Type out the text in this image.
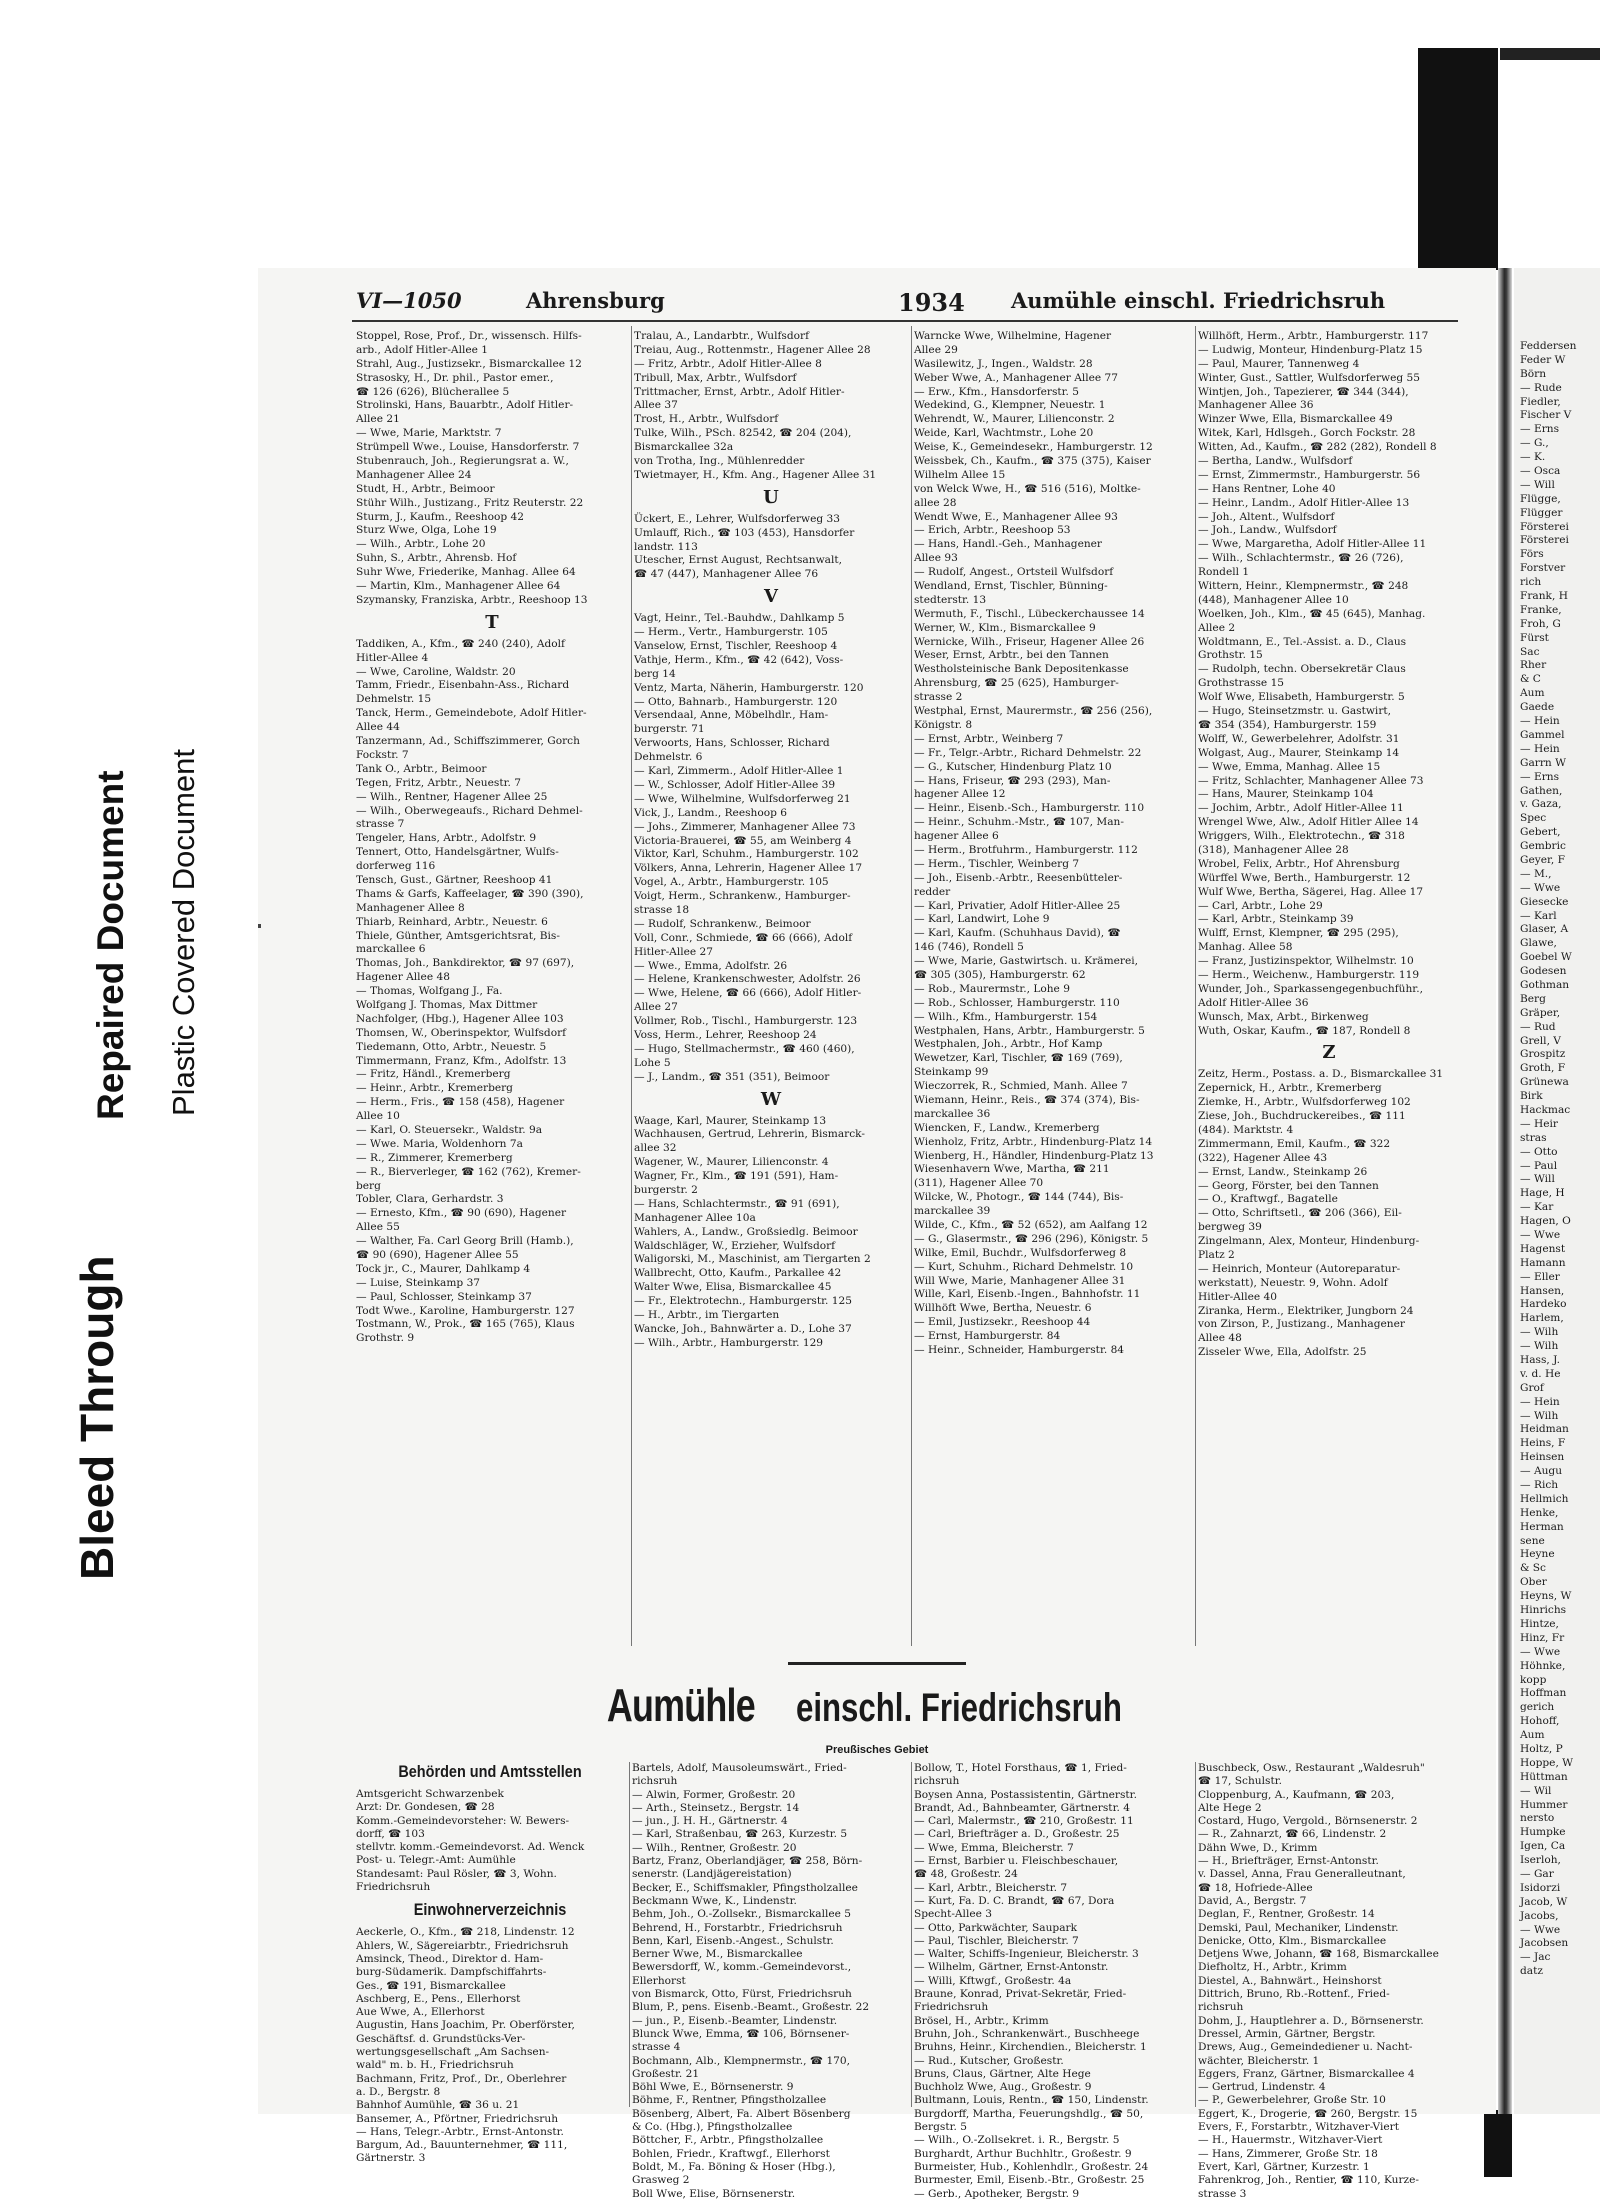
Bleed Through
Repaired Document Plastic Covered Document
VI—1050	Ahrensburg	1934 Aumühle einschl. Friedrichsruh
Stoppel, Rose, Prof., Dr., wissensch. Hilfs-
arb., Adolf Hitler-Allee 1
Strahl, Aug., Justizsekr., Bismarckallee 12
Strasosky, H., Dr. phil., Pastor emer.,
☎ 126 (626), Blücherallee 5
Strolinski, Hans, Bauarbtr., Adolf Hitler-
Allee 21
— Wwe, Marie, Marktstr. 7
Strümpell Wwe., Louise, Hansdorferstr. 7
Stubenrauch, Joh., Regierungsrat a. W.,
Manhagener Allee 24
Studt, H., Arbtr., Beimoor
Stühr Wilh., Justizang., Fritz Reuterstr. 22
Sturm, J., Kaufm., Reeshoop 42
Sturz Wwe, Olga, Lohe 19
— Wilh., Arbtr., Lohe 20
Suhn, S., Arbtr., Ahrensb. Hof
Suhr Wwe, Friederike, Manhag. Allee 64
— Martin, Klm., Manhagener Allee 64
Szymansky, Franziska, Arbtr., Reeshoop 13
T
Taddiken, A., Kfm., ☎ 240 (240), Adolf
Hitler-Allee 4
— Wwe, Caroline, Waldstr. 20
Tamm, Friedr., Eisenbahn-Ass., Richard
Dehmelstr. 15
Tanck, Herm., Gemeindebote, Adolf Hitler-
Allee 44
Tanzermann, Ad., Schiffszimmerer, Gorch
Fockstr. 7
Tank O., Arbtr., Beimoor
Tegen, Fritz, Arbtr., Neuestr. 7
— Wilh., Rentner, Hagener Allee 25
— Wilh., Oberwegeaufs., Richard Dehmel-
strasse 7
Tengeler, Hans, Arbtr., Adolfstr. 9
Tennert, Otto, Handelsgärtner, Wulfs-
dorferweg 116
Tensch, Gust., Gärtner, Reeshoop 41
Thams & Garfs, Kaffeelager, ☎ 390 (390),
Manhagener Allee 8
Thiarb, Reinhard, Arbtr., Neuestr. 6
Thiele, Günther, Amtsgerichtsrat, Bis-
marckallee 6
Thomas, Joh., Bankdirektor, ☎ 97 (697),
Hagener Allee 48
— Thomas, Wolfgang J., Fa.
Wolfgang J. Thomas, Max Dittmer
Nachfolger, (Hbg.), Hagener Allee 103
Thomsen, W., Oberinspektor, Wulfsdorf
Tiedemann, Otto, Arbtr., Neuestr. 5
Timmermann, Franz, Kfm., Adolfstr. 13
— Fritz, Händl., Kremerberg
— Heinr., Arbtr., Kremerberg
— Herm., Fris., ☎ 158 (458), Hagener
Allee 10
— Karl, O. Steuersekr., Waldstr. 9a
— Wwe. Maria, Woldenhorn 7a
— R., Zimmerer, Kremerberg
— R., Bierverleger, ☎ 162 (762), Kremer-
berg
Tobler, Clara, Gerhardstr. 3
— Ernesto, Kfm., ☎ 90 (690), Hagener
Allee 55
— Walther, Fa. Carl Georg Brill (Hamb.),
☎ 90 (690), Hagener Allee 55
Tock jr., C., Maurer, Dahlkamp 4
— Luise, Steinkamp 37
— Paul, Schlosser, Steinkamp 37
Todt Wwe., Karoline, Hamburgerstr. 127
Tostmann, W., Prok., ☎ 165 (765), Klaus
Grothstr. 9
Tralau, A., Landarbtr., Wulfsdorf
Treiau, Aug., Rottenmstr., Hagener Allee 28
— Fritz, Arbtr., Adolf Hitler-Allee 8
Tribull, Max, Arbtr., Wulfsdorf
Trittmacher, Ernst, Arbtr., Adolf Hitler-
Allee 37
Trost, H., Arbtr., Wulfsdorf
Tulke, Wilh., PSch. 82542, ☎ 204 (204),
Bismarckallee 32a
von Trotha, Ing., Mühlenredder
Twietmayer, H., Kfm. Ang., Hagener Allee 31
U
Ückert, E., Lehrer, Wulfsdorferweg 33
Umlauff, Rich., ☎ 103 (453), Hansdorfer
landstr. 113
Utescher, Ernst August, Rechtsanwalt,
☎ 47 (447), Manhagener Allee 76
V
Vagt, Heinr., Tel.-Bauhdw., Dahlkamp 5
— Herm., Vertr., Hamburgerstr. 105
Vanselow, Ernst, Tischler, Reeshoop 4
Vathje, Herm., Kfm., ☎ 42 (642), Voss-
berg 14
Ventz, Marta, Näherin, Hamburgerstr. 120
— Otto, Bahnarb., Hamburgerstr. 120
Versendaal, Anne, Möbelhdlr., Ham-
burgerstr. 71
Verwoorts, Hans, Schlosser, Richard
Dehmelstr. 6
— Karl, Zimmerm., Adolf Hitler-Allee 1
— W., Schlosser, Adolf Hitler-Allee 39
— Wwe, Wilhelmine, Wulfsdorferweg 21
Vick, J., Landm., Reeshoop 6
— Johs., Zimmerer, Manhagener Allee 73
Victoria-Brauerei, ☎ 55, am Weinberg 4
Viktor, Karl, Schuhm., Hamburgerstr. 102
Völkers, Anna, Lehrerin, Hagener Allee 17
Vogel, A., Arbtr., Hamburgerstr. 105
Voigt, Herm., Schrankenw., Hamburger-
strasse 18
— Rudolf, Schrankenw., Beimoor
Voll, Conr., Schmiede, ☎ 66 (666), Adolf
Hitler-Allee 27
— Wwe., Emma, Adolfstr. 26
— Helene, Krankenschwester, Adolfstr. 26
— Wwe, Helene, ☎ 66 (666), Adolf Hitler-
Allee 27
Vollmer, Rob., Tischl., Hamburgerstr. 123
Voss, Herm., Lehrer, Reeshoop 24
— Hugo, Stellmachermstr., ☎ 460 (460),
Lohe 5
— J., Landm., ☎ 351 (351), Beimoor
W
Waage, Karl, Maurer, Steinkamp 13
Wachhausen, Gertrud, Lehrerin, Bismarck-
allee 32
Wagener, W., Maurer, Lilienconstr. 4
Wagner, Fr., Klm., ☎ 191 (591), Ham-
burgerstr. 2
— Hans, Schlachtermstr., ☎ 91 (691),
Manhagener Allee 10a
Wahlers, A., Landw., Großsiedlg. Beimoor
Waldschläger, W., Erzieher, Wulfsdorf
Waligorski, M., Maschinist, am Tiergarten 2
Wallbrecht, Otto, Kaufm., Parkallee 42
Walter Wwe, Elisa, Bismarckallee 45
— Fr., Elektrotechn., Hamburgerstr. 125
— H., Arbtr., im Tiergarten
Wancke, Joh., Bahnwärter a. D., Lohe 37
— Wilh., Arbtr., Hamburgerstr. 129
Warncke Wwe, Wilhelmine, Hagener
Allee 29
Wasilewitz, J., Ingen., Waldstr. 28
Weber Wwe, A., Manhagener Allee 77
— Erw., Kfm., Hansdorferstr. 5
Wedekind, G., Klempner, Neuestr. 1
Wehrendt, W., Maurer, Lilienconstr. 2
Weide, Karl, Wachtmstr., Lohe 20
Weise, K., Gemeindesekr., Hamburgerstr. 12
Weissbek, Ch., Kaufm., ☎ 375 (375), Kaiser
Wilhelm Allee 15
von Welck Wwe, H., ☎ 516 (516), Moltke-
allee 28
Wendt Wwe, E., Manhagener Allee 93
— Erich, Arbtr., Reeshoop 53
— Hans, Handl.-Geh., Manhagener
Allee 93
— Rudolf, Angest., Ortsteil Wulfsdorf
Wendland, Ernst, Tischler, Bünning-
stedterstr. 13
Wermuth, F., Tischl., Lübeckerchaussee 14
Werner, W., Klm., Bismarckallee 9
Wernicke, Wilh., Friseur, Hagener Allee 26
Weser, Ernst, Arbtr., bei den Tannen
Westholsteinische Bank Depositenkasse
Ahrensburg, ☎ 25 (625), Hamburger-
strasse 2
Westphal, Ernst, Maurermstr., ☎ 256 (256),
Königstr. 8
— Ernst, Arbtr., Weinberg 7
— Fr., Telgr.-Arbtr., Richard Dehmelstr. 22
— G., Kutscher, Hindenburg Platz 10
— Hans, Friseur, ☎ 293 (293), Man-
hagener Allee 12
— Heinr., Eisenb.-Sch., Hamburgerstr. 110
— Heinr., Schuhm.-Mstr., ☎ 107, Man-
hagener Allee 6
— Herm., Brotfuhrm., Hamburgerstr. 112
— Herm., Tischler, Weinberg 7
— Joh., Eisenb.-Arbtr., Reesenbütteler-
redder
— Karl, Privatier, Adolf Hitler-Allee 25
— Karl, Landwirt, Lohe 9
— Karl, Kaufm. (Schuhhaus David), ☎
146 (746), Rondell 5
— Wwe, Marie, Gastwirtsch. u. Krämerei,
☎ 305 (305), Hamburgerstr. 62
— Rob., Maurermstr., Lohe 9
— Rob., Schlosser, Hamburgerstr. 110
— Wilh., Kfm., Hamburgerstr. 154
Westphalen, Hans, Arbtr., Hamburgerstr. 5
Westphalen, Joh., Arbtr., Hof Kamp
Wewetzer, Karl, Tischler, ☎ 169 (769),
Steinkamp 99
Wieczorrek, R., Schmied, Manh. Allee 7
Wiemann, Heinr., Reis., ☎ 374 (374), Bis-
marckallee 36
Wiencken, F., Landw., Kremerberg
Wienholz, Fritz, Arbtr., Hindenburg-Platz 14
Wienberg, H., Händler, Hindenburg-Platz 13
Wiesenhavern Wwe, Martha, ☎ 211
(311), Hagener Allee 70
Wilcke, W., Photogr., ☎ 144 (744), Bis-
marckallee 39
Wilde, C., Kfm., ☎ 52 (652), am Aalfang 12
— G., Glasermstr., ☎ 296 (296), Königstr. 5
Wilke, Emil, Buchdr., Wulfsdorferweg 8
— Kurt, Schuhm., Richard Dehmelstr. 10
Will Wwe, Marie, Manhagener Allee 31
Wille, Karl, Eisenb.-Ingen., Bahnhofstr. 11
Willhöft Wwe, Bertha, Neuestr. 6
— Emil, Justizsekr., Reeshoop 44
— Ernst, Hamburgerstr. 84
— Heinr., Schneider, Hamburgerstr. 84
Willhöft, Herm., Arbtr., Hamburgerstr. 117
— Ludwig, Monteur, Hindenburg-Platz 15
— Paul, Maurer, Tannenweg 4
Winter, Gust., Sattler, Wulfsdorferweg 55
Wintjen, Joh., Tapezierer, ☎ 344 (344),
Manhagener Allee 36
Winzer Wwe, Ella, Bismarckallee 49
Witek, Karl, Hdlsgeh., Gorch Fockstr. 28
Witten, Ad., Kaufm., ☎ 282 (282), Rondell 8
— Bertha, Landw., Wulfsdorf
— Ernst, Zimmermstr., Hamburgerstr. 56
— Hans Rentner, Lohe 40
— Heinr., Landm., Adolf Hitler-Allee 13
— Joh., Altent., Wulfsdorf
— Joh., Landw., Wulfsdorf
— Wwe, Margaretha, Adolf Hitler-Allee 11
— Wilh., Schlachtermstr., ☎ 26 (726),
Rondell 1
Wittern, Heinr., Klempnermstr., ☎ 248
(448), Manhagener Allee 10
Woelken, Joh., Klm., ☎ 45 (645), Manhag.
Allee 2
Woldtmann, E., Tel.-Assist. a. D., Claus
Grothstr. 15
— Rudolph, techn. Obersekretär Claus
Grothstrasse 15
Wolf Wwe, Elisabeth, Hamburgerstr. 5
— Hugo, Steinsetzmstr. u. Gastwirt,
☎ 354 (354), Hamburgerstr. 159
Wolff, W., Gewerbelehrer, Adolfstr. 31
Wolgast, Aug., Maurer, Steinkamp 14
— Wwe, Emma, Manhag. Allee 15
— Fritz, Schlachter, Manhagener Allee 73
— Hans, Maurer, Steinkamp 104
— Jochim, Arbtr., Adolf Hitler-Allee 11
Wrengel Wwe, Alw., Adolf Hitler Allee 14
Wriggers, Wilh., Elektrotechn., ☎ 318
(318), Manhagener Allee 28
Wrobel, Felix, Arbtr., Hof Ahrensburg
Würffel Wwe, Berth., Hamburgerstr. 12
Wulf Wwe, Bertha, Sägerei, Hag. Allee 17
— Carl, Arbtr., Lohe 29
— Karl, Arbtr., Steinkamp 39
Wulff, Ernst, Klempner, ☎ 295 (295),
Manhag. Allee 58
— Franz, Justizinspektor, Wilhelmstr. 10
— Herm., Weichenw., Hamburgerstr. 119
Wunder, Joh., Sparkassengegenbuchführ.,
Adolf Hitler-Allee 36
Wunsch, Max, Arbt., Birkenweg
Wuth, Oskar, Kaufm., ☎ 187, Rondell 8
Z
Zeitz, Herm., Postass. a. D., Bismarckallee 31
Zepernick, H., Arbtr., Kremerberg
Ziemke, H., Arbtr., Wulfsdorferweg 102
Ziese, Joh., Buchdruckereibes., ☎ 111
(484). Marktstr. 4
Zimmermann, Emil, Kaufm., ☎ 322
(322), Hagener Allee 43
— Ernst, Landw., Steinkamp 26
— Georg, Förster, bei den Tannen
— O., Kraftwgf., Bagatelle
— Otto, Schriftsetl., ☎ 206 (366), Eil-
bergweg 39
Zingelmann, Alex, Monteur, Hindenburg-
Platz 2
— Heinrich, Monteur (Autoreparatur-
werkstatt), Neuestr. 9, Wohn. Adolf
Hitler-Allee 40
Ziranka, Herm., Elektriker, Jungborn 24
von Zirson, P., Justizang., Manhagener
Allee 48
Zisseler Wwe, Ella, Adolfstr. 25
Aumühle einschl. Friedrichsruh
Preußisches Gebiet
Behörden und Amtsstellen
Amtsgericht Schwarzenbek
Arzt: Dr. Gondesen, ☎ 28
Komm.-Gemeindevorsteher: W. Bewers-
dorff, ☎ 103
stellvtr. komm.-Gemeindevorst. Ad. Wenck
Post- u. Telegr.-Amt: Aumühle
Standesamt: Paul Rösler, ☎ 3, Wohn.
Friedrichsruh
Einwohnerverzeichnis
Aeckerle, O., Kfm., ☎ 218, Lindenstr. 12
Ahlers, W., Sägereiarbtr., Friedrichsruh
Amsinck, Theod., Direktor d. Ham-
burg-Südamerik. Dampfschiffahrts-
Ges., ☎ 191, Bismarckallee
Aschberg, E., Pens., Ellerhorst
Aue Wwe, A., Ellerhorst
Augustin, Hans Joachim, Pr. Oberförster,
Geschäftsf. d. Grundstücks-Ver-
wertungsgesellschaft „Am Sachsen-
wald" m. b. H., Friedrichsruh
Bachmann, Fritz, Prof., Dr., Oberlehrer
a. D., Bergstr. 8
Bahnhof Aumühle, ☎ 36 u. 21
Bansemer, A., Pförtner, Friedrichsruh
— Hans, Telegr.-Arbtr., Ernst-Antonstr.
Bargum, Ad., Bauunternehmer, ☎ 111,
Gärtnerstr. 3
Bartels, Adolf, Mausoleumswärt., Fried-
richsruh
— Alwin, Former, Großestr. 20
— Arth., Steinsetz., Bergstr. 14
— jun., J. H. H., Gärtnerstr. 4
— Karl, Straßenbau, ☎ 263, Kurzestr. 5
— Wilh., Rentner, Großestr. 20
Bartz, Franz, Oberlandjäger, ☎ 258, Börn-
senerstr. (Landjägereistation)
Becker, E., Schiffsmakler, Pfingstholzallee
Beckmann Wwe, K., Lindenstr.
Behm, Joh., O.-Zollsekr., Bismarckallee 5
Behrend, H., Forstarbtr., Friedrichsruh
Benn, Karl, Eisenb.-Angest., Schulstr.
Berner Wwe, M., Bismarckallee
Bewersdorff, W., komm.-Gemeindevorst.,
Ellerhorst
von Bismarck, Otto, Fürst, Friedrichsruh
Blum, P., pens. Eisenb.-Beamt., Großestr. 22
— jun., P., Eisenb.-Beamter, Lindenstr.
Blunck Wwe, Emma, ☎ 106, Börnsener-
strasse 4
Bochmann, Alb., Klempnermstr., ☎ 170,
Großestr. 21
Böhl Wwe, E., Börnsenerstr. 9
Böhme, F., Rentner, Pfingstholzallee
Bösenberg, Albert, Fa. Albert Bösenberg
& Co. (Hbg.), Pfingstholzallee
Böttcher, F., Arbtr., Pfingstholzallee
Bohlen, Friedr., Kraftwgf., Ellerhorst
Boldt, M., Fa. Böning & Hoser (Hbg.),
Grasweg 2
Boll Wwe, Elise, Börnsenerstr.
Bollow, T., Hotel Forsthaus, ☎ 1, Fried-
richsruh
Boysen Anna, Postassistentin, Gärtnerstr.
Brandt, Ad., Bahnbeamter, Gärtnerstr. 4
— Carl, Malermstr., ☎ 210, Großestr. 11
— Carl, Briefträger a. D., Großestr. 25
— Wwe, Emma, Bleicherstr. 7
— Ernst, Barbier u. Fleischbeschauer,
☎ 48, Großestr. 24
— Karl, Arbtr., Bleicherstr. 7
— Kurt, Fa. D. C. Brandt, ☎ 67, Dora
Specht-Allee 3
— Otto, Parkwächter, Saupark
— Paul, Tischler, Bleicherstr. 7
— Walter, Schiffs-Ingenieur, Bleicherstr. 3
— Wilhelm, Gärtner, Ernst-Antonstr.
— Willi, Kftwgf., Großestr. 4a
Braune, Konrad, Privat-Sekretär, Fried-
Friedrichsruh
Brösel, H., Arbtr., Krimm
Bruhn, Joh., Schrankenwärt., Buschheege
Bruhns, Heinr., Kirchendien., Bleicherstr. 1
— Rud., Kutscher, Großestr.
Bruns, Claus, Gärtner, Alte Hege
Buchholz Wwe, Aug., Großestr. 9
Bultmann, Louis, Rentn., ☎ 150, Lindenstr.
Burgdorff, Martha, Feuerungshdlg., ☎ 50,
Bergstr. 5
— Wilh., O.-Zollsekret. i. R., Bergstr. 5
Burghardt, Arthur Buchhltr., Großestr. 9
Burmeister, Hub., Kohlenhdlr., Großestr. 24
Burmester, Emil, Eisenb.-Btr., Großestr. 25
— Gerb., Apotheker, Bergstr. 9
Buschbeck, Osw., Restaurant „Waldesruh"
☎ 17, Schulstr.
Cloppenburg, A., Kaufmann, ☎ 203,
Alte Hege 2
Costard, Hugo, Vergold., Börnsenerstr. 2
— R., Zahnarzt, ☎ 66, Lindenstr. 2
Dähn Wwe, D., Krimm
— H., Briefträger, Ernst-Antonstr.
v. Dassel, Anna, Frau Generalleutnant,
☎ 18, Hofriede-Allee
David, A., Bergstr. 7
Deglan, F., Rentner, Großestr. 14
Demski, Paul, Mechaniker, Lindenstr.
Denicke, Otto, Klm., Bismarckallee
Detjens Wwe, Johann, ☎ 168, Bismarckallee
Diefholtz, H., Arbtr., Krimm
Diestel, A., Bahnwärt., Heinshorst
Dittrich, Bruno, Rb.-Rottenf., Fried-
richsruh
Dohm, J., Hauptlehrer a. D., Börnsenerstr.
Dressel, Armin, Gärtner, Bergstr.
Drews, Aug., Gemeindediener u. Nacht-
wächter, Bleicherstr. 1
Eggers, Franz, Gärtner, Bismarckallee 4
— Gertrud, Lindenstr. 4
— P., Gewerbelehrer, Große Str. 10
Eggert, K., Drogerie, ☎ 260, Bergstr. 15
Evers, F., Forstarbtr., Witzhaver-Viert
— H., Hauermstr., Witzhaver-Viert
— Hans, Zimmerer, Große Str. 18
Evert, Karl, Gärtner, Kurzestr. 1
Fahrenkrog, Joh., Rentier, ☎ 110, Kurze-
strasse 3
Feddersen
Feder W
Börn
— Rude
Fiedler,
Fischer V
— Erns
— G.,
— K.
— Osca
— Will
Flügge,
Flügger
Försterei
Försterei
Förs
Forstver
rich
Frank, H
Franke,
Froh, G
Fürst
Sac
Rher
& C
Aum
Gaede
— Hein
Gammel
— Hein
Garrn W
— Erns
Gathen,
v. Gaza,
Spec
Gebert,
Gembric
Geyer, F
— M.,
— Wwe
Giesecke
— Karl
Glaser, A
Glawe,
Goebel W
Godesen
Gothman
Berg
Gräper,
— Rud
Grell, V
Grospitz
Groth, F
Grünewa
Birk
Hackmac
— Heir
stras
— Otto
— Paul
— Will
Hage, H
— Kar
Hagen, O
— Wwe
Hagenst
Hamann
— Eller
Hansen,
Hardeko
Harlem,
— Wilh
— Wilh
Hass, J.
v. d. He
Grof
— Hein
— Wilh
Heidman
Heins, F
Heinsen
— Augu
— Rich
Hellmich
Henke,
Herman
sene
Heyne
& Sc
Ober
Heyns, W
Hinrichs
Hintze,
Hinz, Fr
— Wwe
Höhnke,
kopp
Hoffman
gerich
Hohoff,
Aum
Holtz, P
Hoppe, W
Hüttman
— Wil
Hummer
nersto
Humpke
Igen, Ca
Iserloh,
— Gar
Isidorzi
Jacob, W
Jacobs,
— Wwe
Jacobsen
— Jac
datz
